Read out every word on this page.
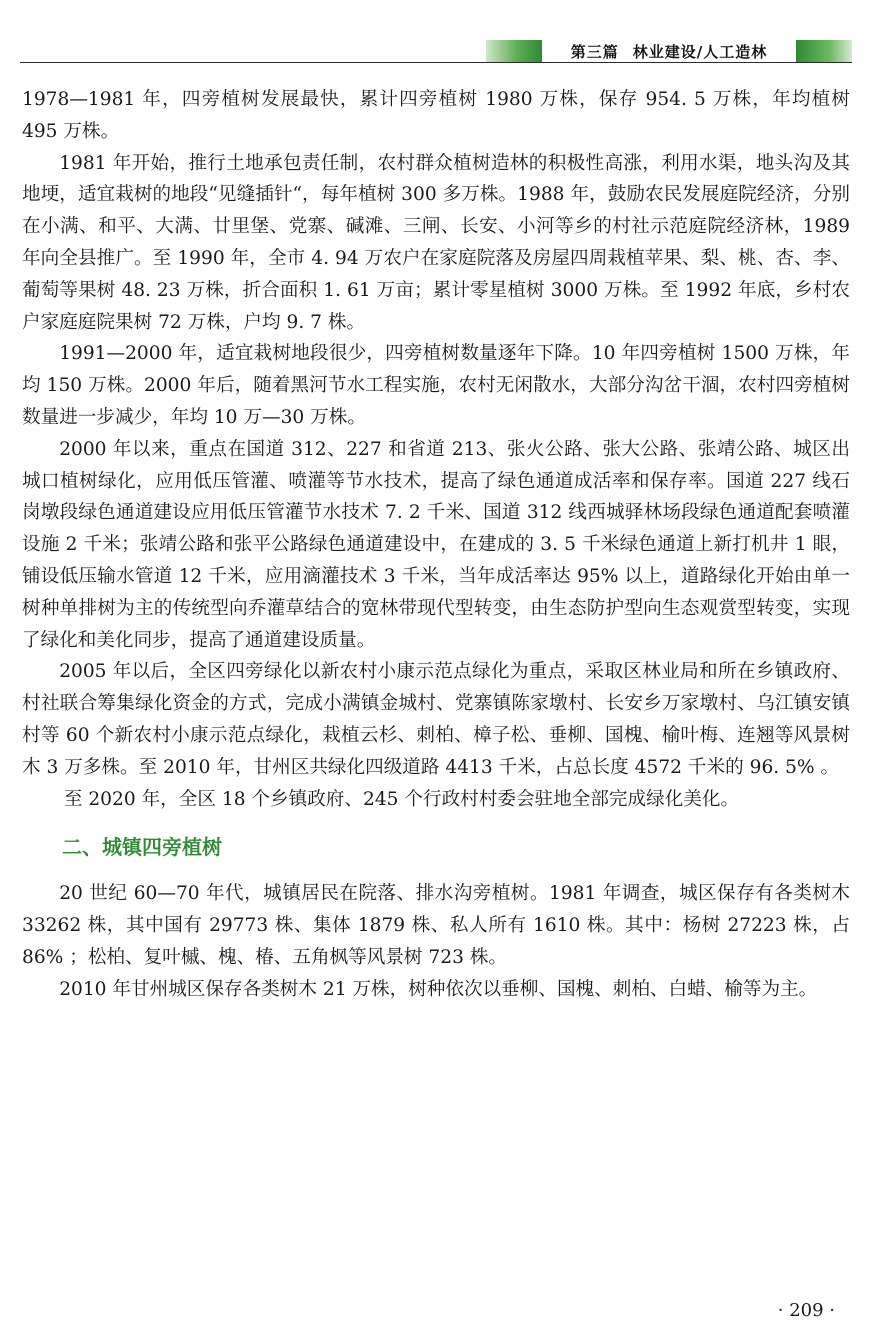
第三篇 林业建设/人工造林

1978—1981 年，四旁植树发展最快，累计四旁植树 1980 万株，保存 954. 5 万株，年均植树 495 万株。

1981 年开始，推行土地承包责任制，农村群众植树造林的积极性高涨，利用水渠，地头沟及其地埂，适宜栽树的地段“见缝插针“，每年植树 300 多万株。1988 年，鼓励农民发展庭院经济，分别在小满、和平、大满、廿里堡、党寨、碱滩、三闸、长安、小河等乡的村社示范庭院经济林，1989 年向全县推广。至 1990 年，全市 4. 94 万农户在家庭院落及房屋四周栽植苹果、梨、桃、杏、李、葡萄等果树 48. 23 万株，折合面积 1. 61 万亩；累计零星植树 3000 万株。至 1992 年底，乡村农户家庭庭院果树 72 万株，户均 9. 7 株。

1991—2000 年，适宜栽树地段很少，四旁植树数量逐年下降。10 年四旁植树 1500 万株，年均 150 万株。2000 年后，随着黑河节水工程实施，农村无闲散水，大部分沟岔干涸，农村四旁植树数量进一步减少，年均 10 万—30 万株。

2000 年以来，重点在国道 312、227 和省道 213、张火公路、张大公路、张靖公路、城区出城口植树绿化，应用低压管灌、喷灌等节水技术，提高了绿色通道成活率和保存率。国道 227 线石岗墩段绿色通道建设应用低压管灌节水技术 7. 2 千米、国道 312 线西城驿林场段绿色通道配套喷灌设施 2 千米；张靖公路和张平公路绿色通道建设中，在建成的 3. 5 千米绿色通道上新打机井 1 眼，铺设低压输水管道 12 千米，应用滴灌技术 3 千米，当年成活率达 95% 以上，道路绿化开始由单一树种单排树为主的传统型向乔灌草结合的宽林带现代型转变，由生态防护型向生态观赏型转变，实现了绿化和美化同步，提高了通道建设质量。

2005 年以后，全区四旁绿化以新农村小康示范点绿化为重点，采取区林业局和所在乡镇政府、村社联合筹集绿化资金的方式，完成小满镇金城村、党寨镇陈家墩村、长安乡万家墩村、乌江镇安镇村等 60 个新农村小康示范点绿化，栽植云杉、刺柏、樟子松、垂柳、国槐、榆叶梅、连翘等风景树木 3 万多株。至 2010 年，甘州区共绿化四级道路 4413 千米，占总长度 4572 千米的 96. 5% 。

至 2020 年，全区 18 个乡镇政府、245 个行政村村委会驻地全部完成绿化美化。

二、城镇四旁植树

20 世纪 60—70 年代，城镇居民在院落、排水沟旁植树。1981 年调查，城区保存有各类树木 33262 株，其中国有 29773 株、集体 1879 株、私人所有 1610 株。其中：杨树 27223 株，占 86% ；松柏、复叶槭、槐、椿、五角枫等风景树 723 株。

2010 年甘州城区保存各类树木 21 万株，树种依次以垂柳、国槐、刺柏、白蜡、榆等为主。

· 209 ·
